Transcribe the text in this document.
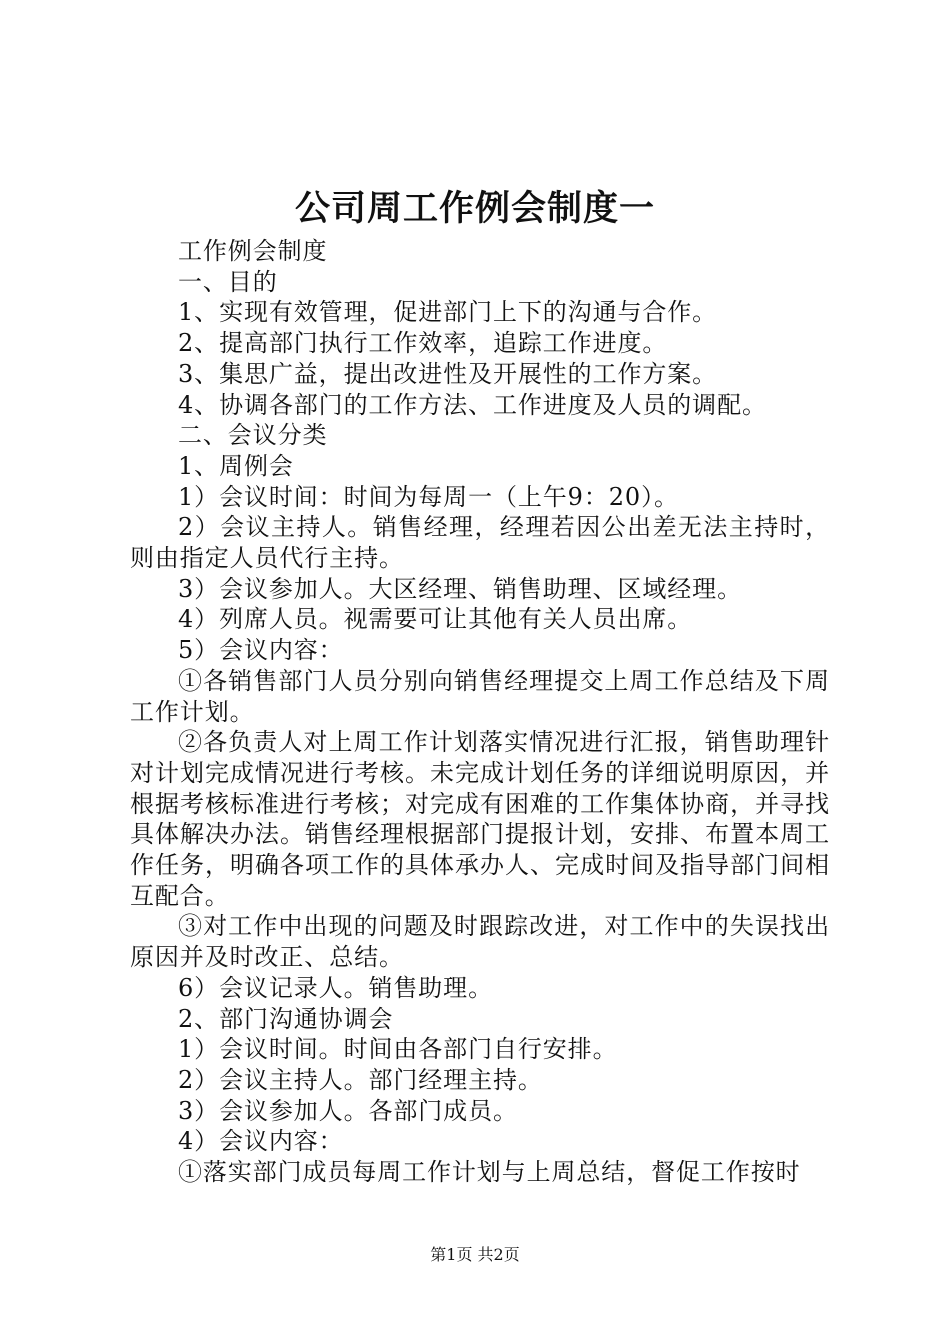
公司周工作例会制度一

工作例会制度

一、目的

1、实现有效管理，促进部门上下的沟通与合作。

2、提高部门执行工作效率，追踪工作进度。

3、集思广益，提出改进性及开展性的工作方案。

4、协调各部门的工作方法、工作进度及人员的调配。

二、会议分类

1、周例会

1）会议时间：时间为每周一（上午9：20）。

2）会议主持人。销售经理，经理若因公出差无法主持时，则由指定人员代行主持。

3）会议参加人。大区经理、销售助理、区域经理。

4）列席人员。视需要可让其他有关人员出席。

5）会议内容：

①各销售部门人员分别向销售经理提交上周工作总结及下周工作计划。

②各负责人对上周工作计划落实情况进行汇报，销售助理针对计划完成情况进行考核。未完成计划任务的详细说明原因，并根据考核标准进行考核；对完成有困难的工作集体协商，并寻找具体解决办法。销售经理根据部门提报计划，安排、布置本周工作任务，明确各项工作的具体承办人、完成时间及指导部门间相互配合。

③对工作中出现的问题及时跟踪改进，对工作中的失误找出原因并及时改正、总结。

6）会议记录人。销售助理。

2、部门沟通协调会

1）会议时间。时间由各部门自行安排。

2）会议主持人。部门经理主持。

3）会议参加人。各部门成员。

4）会议内容：

①落实部门成员每周工作计划与上周总结，督促工作按时

第1页 共2页
